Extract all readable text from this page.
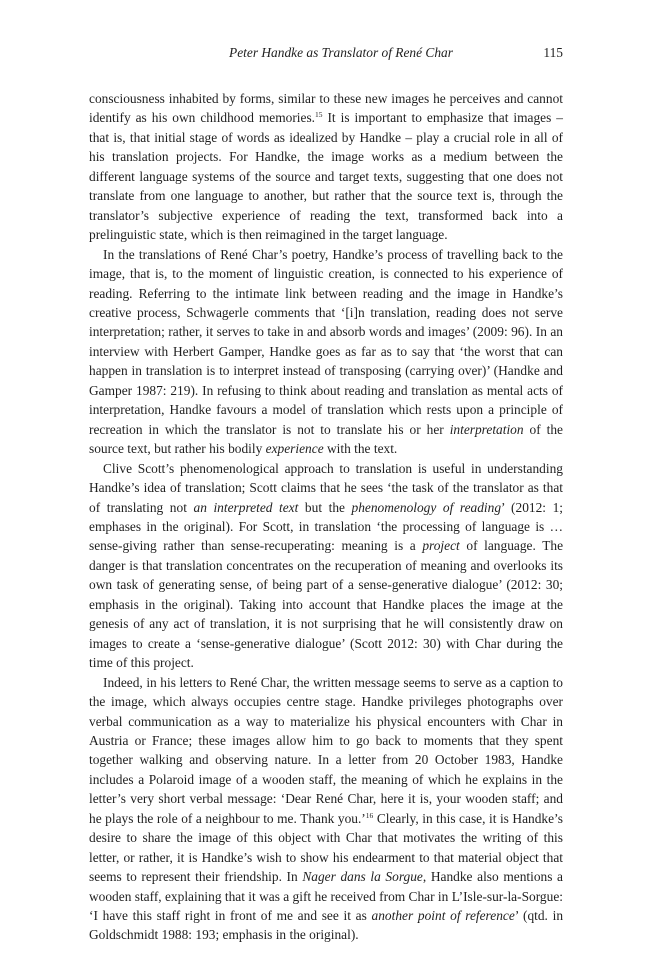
Peter Handke as Translator of René Char	115

consciousness inhabited by forms, similar to these new images he perceives and cannot identify as his own childhood memories.$^{15}$ It is important to emphasize that images – that is, that initial stage of words as idealized by Handke – play a crucial role in all of his translation projects. For Handke, the image works as a medium between the different language systems of the source and target texts, suggesting that one does not translate from one language to another, but rather that the source text is, through the translator’s subjective experience of reading the text, transformed back into a prelinguistic state, which is then reimagined in the target language.

In the translations of René Char’s poetry, Handke’s process of travelling back to the image, that is, to the moment of linguistic creation, is connected to his experience of reading. Referring to the intimate link between reading and the image in Handke’s creative process, Schwagerle comments that ‘[i]n translation, reading does not serve interpretation; rather, it serves to take in and absorb words and images’ (2009: 96). In an interview with Herbert Gamper, Handke goes as far as to say that ‘the worst that can happen in translation is to interpret instead of transposing (carrying over)’ (Handke and Gamper 1987: 219). In refusing to think about reading and translation as mental acts of interpretation, Handke favours a model of translation which rests upon a principle of recreation in which the translator is not to translate his or her interpretation of the source text, but rather his bodily experience with the text.

Clive Scott’s phenomenological approach to translation is useful in understanding Handke’s idea of translation; Scott claims that he sees ‘the task of the translator as that of translating not an interpreted text but the phenomenology of reading’ (2012: 1; emphases in the original). For Scott, in translation ‘the processing of language is … sense-giving rather than sense-recuperating: meaning is a project of language. The danger is that translation concentrates on the recuperation of meaning and overlooks its own task of generating sense, of being part of a sense-generative dialogue’ (2012: 30; emphasis in the original). Taking into account that Handke places the image at the genesis of any act of translation, it is not surprising that he will consistently draw on images to create a ‘sense-generative dialogue’ (Scott 2012: 30) with Char during the time of this project.

Indeed, in his letters to René Char, the written message seems to serve as a caption to the image, which always occupies centre stage. Handke privileges photographs over verbal communication as a way to materialize his physical encounters with Char in Austria or France; these images allow him to go back to moments that they spent together walking and observing nature. In a letter from 20 October 1983, Handke includes a Polaroid image of a wooden staff, the meaning of which he explains in the letter’s very short verbal message: ‘Dear René Char, here it is, your wooden staff; and he plays the role of a neighbour to me. Thank you.’$^{16}$ Clearly, in this case, it is Handke’s desire to share the image of this object with Char that motivates the writing of this letter, or rather, it is Handke’s wish to show his endearment to that material object that seems to represent their friendship. In Nager dans la Sorgue, Handke also mentions a wooden staff, explaining that it was a gift he received from Char in L’Isle-sur-la-Sorgue: ‘I have this staff right in front of me and see it as another point of reference’ (qtd. in Goldschmidt 1988: 193; emphasis in the original).
